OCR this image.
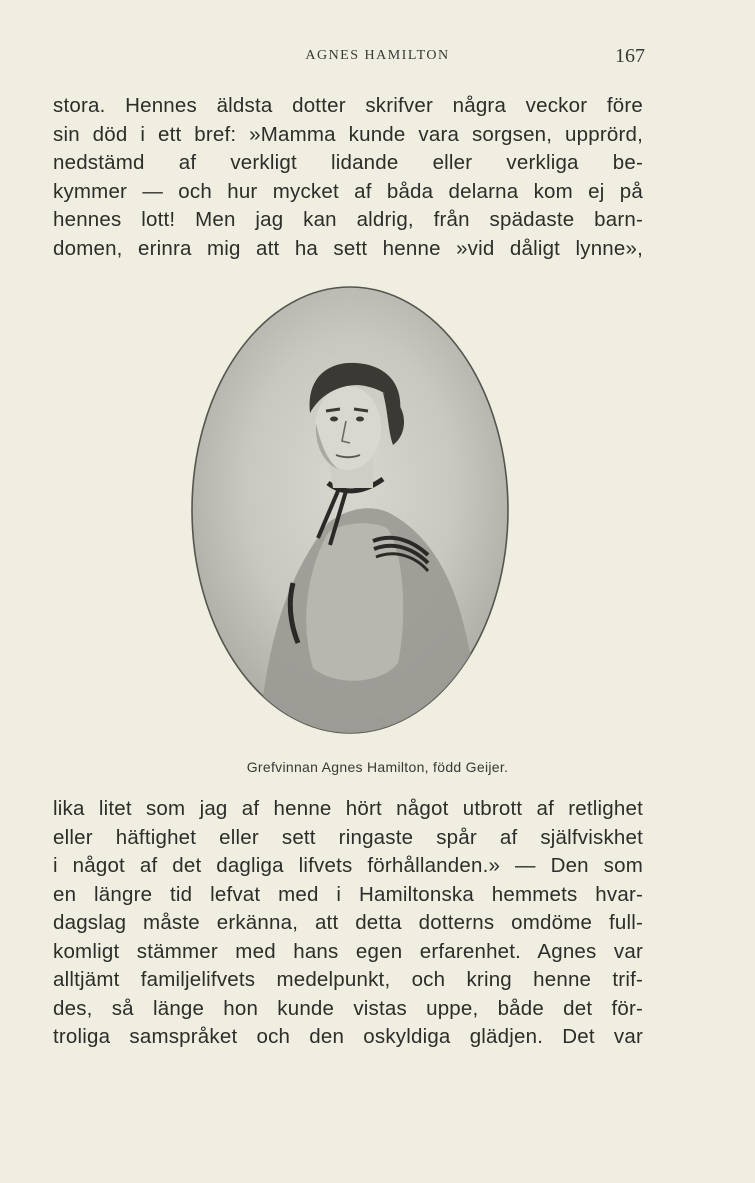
AGNES HAMILTON	167
stora. Hennes äldsta dotter skrifver några veckor före
sin död i ett bref: »Mamma kunde vara sorgsen, upprörd,
nedstämd af verkligt lidande eller verkliga be-
kymmer — och hur mycket af båda delarna kom ej på
hennes lott! Men jag kan aldrig, från spädaste barn-
domen, erinra mig att ha sett henne »vid dåligt lynne»,
Grefvinnan Agnes Hamilton, född Geijer.
lika litet som jag af henne hört något utbrott af retlighet
eller häftighet eller sett ringaste spår af själfviskhet
i något af det dagliga lifvets förhållanden.» — Den som
en längre tid lefvat med i Hamiltonska hemmets hvar-
dagslag måste erkänna, att detta dotterns omdöme full-
komligt stämmer med hans egen erfarenhet. Agnes var
alltjämt familjelifvets medelpunkt, och kring henne trif-
des, så länge hon kunde vistas uppe, både det för-
troliga samspråket och den oskyldiga glädjen. Det var
